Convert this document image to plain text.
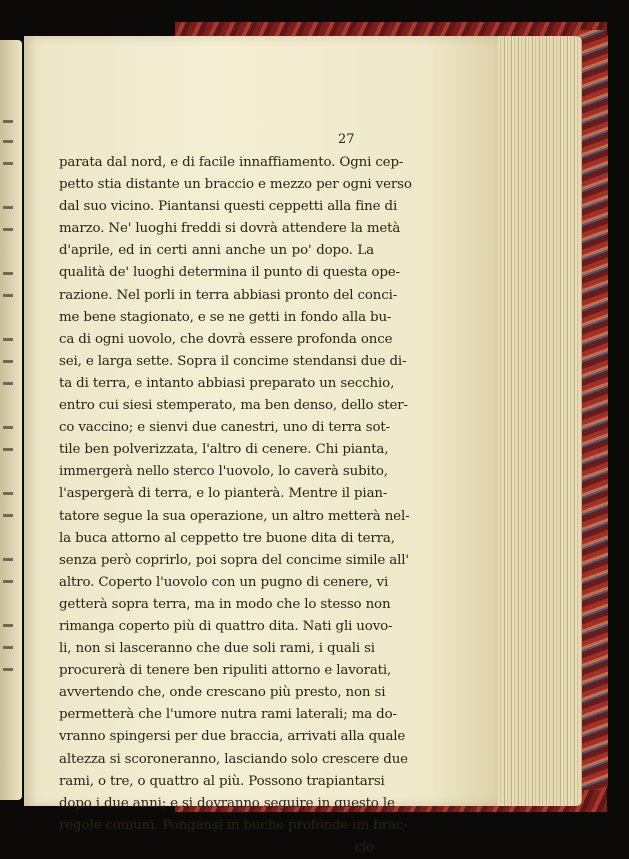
27

parata dal nord, e di facile innaffiamento. Ogni cep-
petto stia distante un braccio e mezzo per ogni verso
dal suo vicino. Piantansi questi ceppetti alla fine di
marzo. Ne' luoghi freddi si dovrà attendere la metà
d'aprile, ed in certi anni anche un po' dopo. La
qualità de' luoghi determina il punto di questa ope-
razione. Nel porli in terra abbiasi pronto del conci-
me bene stagionato, e se ne getti in fondo alla bu-
ca di ogni uovolo, che dovrà essere profonda once
sei, e larga sette. Sopra il concime stendansi due di-
ta di terra, e intanto abbiasi preparato un secchio,
entro cui siesi stemperato, ma ben denso, dello ster-
co vaccino; e sienvi due canestri, uno di terra sot-
tile ben polverizzata, l'altro di cenere. Chi pianta,
immergerà nello sterco l'uovolo, lo caverà subito,
l'aspergerà di terra, e lo pianterà. Mentre il pian-
tatore segue la sua operazione, un altro metterà nel-
la buca attorno al ceppetto tre buone dita di terra,
senza però coprirlo, poi sopra del concime simile all'
altro. Coperto l'uovolo con un pugno di cenere, vi
getterà sopra terra, ma in modo che lo stesso non
rimanga coperto più di quattro dita. Nati gli uovo-
li, non si lasceranno che due soli rami, i quali si
procurerà di tenere ben ripuliti attorno e lavorati,
avvertendo che, onde crescano più presto, non si
permetterà che l'umore nutra rami laterali; ma do-
vranno spingersi per due braccia, arrivati alla quale
altezza si scoroneranno, lasciando solo crescere due
rami, o tre, o quattro al più. Possono trapiantarsi
dopo i due anni; e si dovranno seguire in questo le
regole comuni. Ponganşi in buche profonde un brac-
cio
